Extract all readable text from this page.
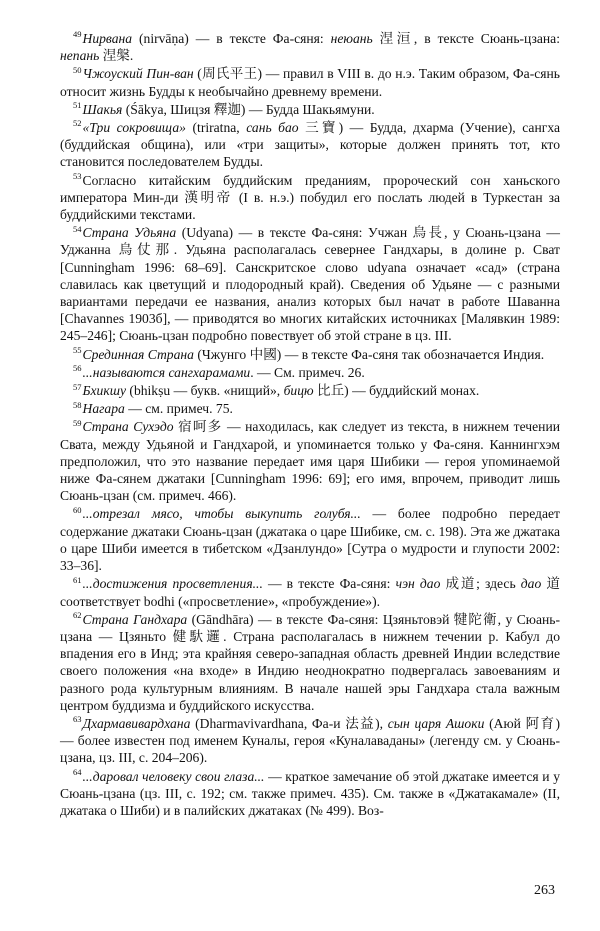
$^{49}$Нирвана (nirvāṇa) — в тексте Фа-сяня: неюань 涅洹, в тексте Сюань-цзана: непань 涅槃.

$^{50}$Чжоуский Пин-ван (周氏平王) — правил в VIII в. до н.э. Таким образом, Фа-сянь относит жизнь Будды к необычайно древнему времени.

$^{51}$Шакья (Śākya, Шицзя 釋迦) — Будда Шакьямуни.

$^{52}$«Три сокровища» (triratna, сань бао 三寶) — Будда, дхарма (Учение), сангха (буддийская община), или «три защиты», которые должен принять тот, кто становится последователем Будды.

$^{53}$Согласно китайским буддийским преданиям, пророческий сон ханьского императора Мин-ди 漢明帝 (I в. н.э.) побудил его послать людей в Туркестан за буддийскими текстами.

$^{54}$Страна Удьяна (Udyana) — в тексте Фа-сяня: Учжан 烏長, у Сюань-цзана — Уджанна 烏仗那. Удьяна располагалась севернее Гандхары, в долине р. Сват [Cunningham 1996: 68–69]. Санскритское слово udyana означает «сад» (страна славилась как цветущий и плодородный край). Сведения об Удьяне — с разными вариантами передачи ее названия, анализ которых был начат в работе Шаванна [Chavannes 1903б], — приводятся во многих китайских источниках [Малявкин 1989: 245–246]; Сюань-цзан подробно повествует об этой стране в цз. III.

$^{55}$Срединная Страна (Чжунго 中國) — в тексте Фа-сяня так обозначается Индия.

$^{56}$...называются сангхарамами. — См. примеч. 26.

$^{57}$Бхикшу (bhikṣu — букв. «нищий», бицю 比丘) — буддийский монах.

$^{58}$Нагара — см. примеч. 75.

$^{59}$Страна Сухэдо 宿呵多 — находилась, как следует из текста, в нижнем течении Свата, между Удьяной и Гандхарой, и упоминается только у Фа-сяня. Каннингхэм предположил, что это название передает имя царя Шибики — героя упоминаемой ниже Фа-сянем джатаки [Cunningham 1996: 69]; его имя, впрочем, приводит лишь Сюань-цзан (см. примеч. 466).

$^{60}$...отрезал мясо, чтобы выкупить голубя... — более подробно передает содержание джатаки Сюань-цзан (джатака о царе Шибике, см. с. 198). Эта же джатака о царе Шиби имеется в тибетском «Дзанлундо» [Сутра о мудрости и глупости 2002: 33–36].

$^{61}$...достижения просветления... — в тексте Фа-сяня: чэн дао 成道; здесь дао 道 соответствует bodhi («просветление», «пробуждение»).

$^{62}$Страна Гандхара (Gāndhāra) — в тексте Фа-сяня: Цзяньтовэй 犍陀衛, у Сюань-цзана — Цзяньто 健馱邏. Страна располагалась в нижнем течении р. Кабул до впадения его в Инд; эта крайняя северо-западная область древней Индии вследствие своего положения «на входе» в Индию неоднократно подвергалась завоеваниям и разного рода культурным влияниям. В начале нашей эры Гандхара стала важным центром буддизма и буддийского искусства.

$^{63}$Дхармавивардхана (Dharmavivardhana, Фа-и 法益), сын царя Ашоки (Аюй 阿育) — более известен под именем Куналы, героя «Куналаваданы» (легенду см. у Сюань-цзана, цз. III, с. 204–206).

$^{64}$...даровал человеку свои глаза... — краткое замечание об этой джатаке имеется и у Сюань-цзана (цз. III, с. 192; см. также примеч. 435). См. также в «Джатакамале» (II, джатака о Шиби) и в палийских джатаках (№ 499). Воз-

263
